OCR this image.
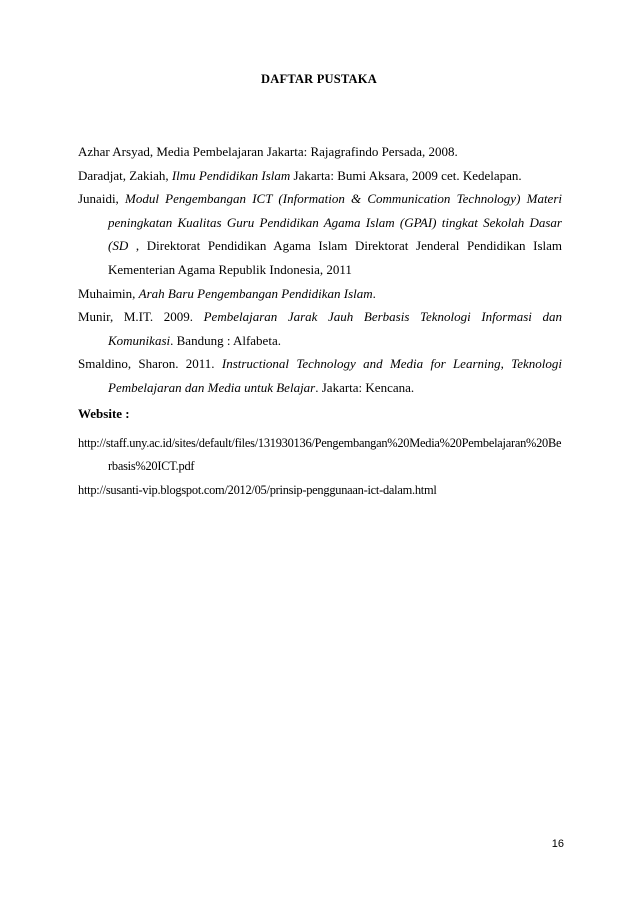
DAFTAR PUSTAKA

Azhar Arsyad, Media Pembelajaran Jakarta: Rajagrafindo Persada, 2008.

Daradjat, Zakiah, Ilmu Pendidikan Islam Jakarta: Bumi Aksara, 2009 cet. Kedelapan.

Junaidi, Modul Pengembangan ICT (Information & Communication Technology) Materi peningkatan Kualitas Guru Pendidikan Agama Islam (GPAI) tingkat Sekolah Dasar (SD , Direktorat Pendidikan Agama Islam Direktorat Jenderal Pendidikan Islam Kementerian Agama Republik Indonesia, 2011

Muhaimin, Arah Baru Pengembangan Pendidikan Islam.

Munir, M.IT. 2009. Pembelajaran Jarak Jauh Berbasis Teknologi Informasi dan Komunikasi. Bandung : Alfabeta.

Smaldino, Sharon. 2011. Instructional Technology and Media for Learning, Teknologi Pembelajaran dan Media untuk Belajar. Jakarta: Kencana.

Website :

http://staff.uny.ac.id/sites/default/files/131930136/Pengembangan%20Media%20Pembelajaran%20Berbasis%20ICT.pdf

http://susanti-vip.blogspot.com/2012/05/prinsip-penggunaan-ict-dalam.html

16
